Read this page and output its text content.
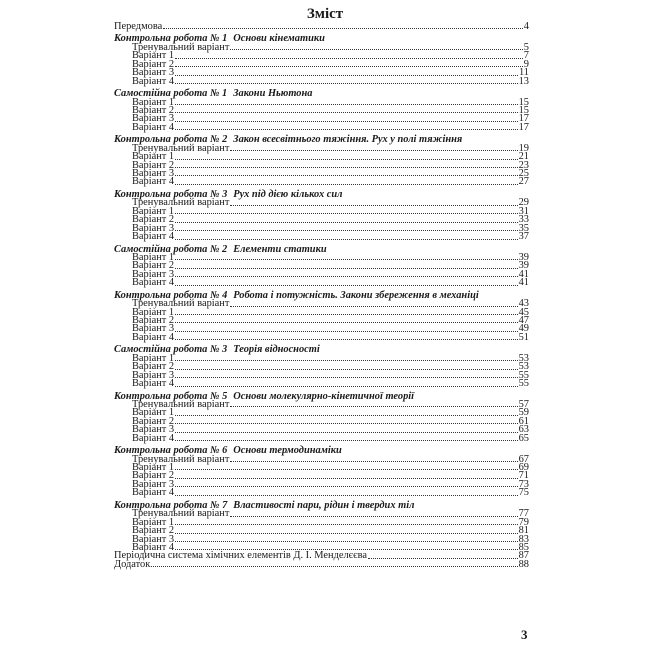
Зміст
Передмова	4
Контрольна робота № 1 Основи кінематики
Тренувальний варіант	5
Варіант 1	7
Варіант 2	9
Варіант 3	11
Варіант 4	13
Самостійна робота № 1 Закони Ньютона
Варіант 1	15
Варіант 2	15
Варіант 3	17
Варіант 4	17
Контрольна робота № 2 Закон всесвітнього тяжіння. Рух у полі тяжіння
Тренувальний варіант	19
Варіант 1	21
Варіант 2	23
Варіант 3	25
Варіант 4	27
Контрольна робота № 3 Рух під дією кількох сил
Тренувальний варіант	29
Варіант 1	31
Варіант 2	33
Варіант 3	35
Варіант 4	37
Самостійна робота № 2 Елементи статики
Варіант 1	39
Варіант 2	39
Варіант 3	41
Варіант 4	41
Контрольна робота № 4 Робота і потужність. Закони збереження в механіці
Тренувальний варіант	43
Варіант 1	45
Варіант 2	47
Варіант 3	49
Варіант 4	51
Самостійна робота № 3 Теорія відносності
Варіант 1	53
Варіант 2	53
Варіант 3	55
Варіант 4	55
Контрольна робота № 5 Основи молекулярно-кінетичної теорії
Тренувальний варіант	57
Варіант 1	59
Варіант 2	61
Варіант 3	63
Варіант 4	65
Контрольна робота № 6 Основи термодинаміки
Тренувальний варіант	67
Варіант 1	69
Варіант 2	71
Варіант 3	73
Варіант 4	75
Контрольна робота № 7 Властивості пари, рідин і твердих тіл
Тренувальний варіант	77
Варіант 1	79
Варіант 2	81
Варіант 3	83
Варіант 4	85
Періодична система хімічних елементів Д. І. Менделєєва	87
Додаток	88
3
